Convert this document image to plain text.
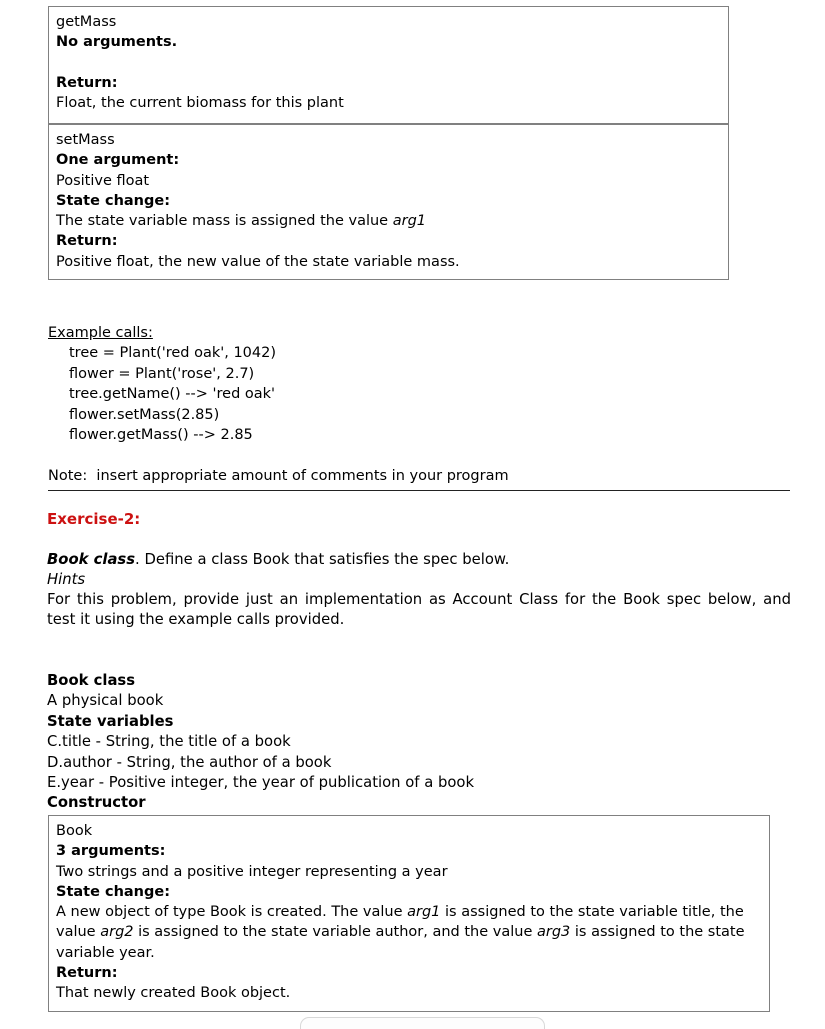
getMass
No arguments.
Return:
Float, the current biomass for this plant
setMass
One argument:
Positive float
State change:
The state variable mass is assigned the value arg1
Return:
Positive float, the new value of the state variable mass.
Example calls:
tree = Plant('red oak', 1042)
flower = Plant('rose', 2.7)
tree.getName() --> 'red oak'
flower.setMass(2.85)
flower.getMass() --> 2.85
Note:  insert appropriate amount of comments in your program
Exercise-2:
Book class. Define a class Book that satisfies the spec below.
Hints
For this problem, provide just an implementation as Account Class for the Book spec below, and test it using the example calls provided.
Book class
A physical book
State variables
C.title - String, the title of a book
D.author - String, the author of a book
E.year - Positive integer, the year of publication of a book
Constructor
Book
3 arguments:
Two strings and a positive integer representing a year
State change:
A new object of type Book is created. The value arg1 is assigned to the state variable title, the value arg2 is assigned to the state variable author, and the value arg3 is assigned to the state variable year.
Return:
That newly created Book object.
